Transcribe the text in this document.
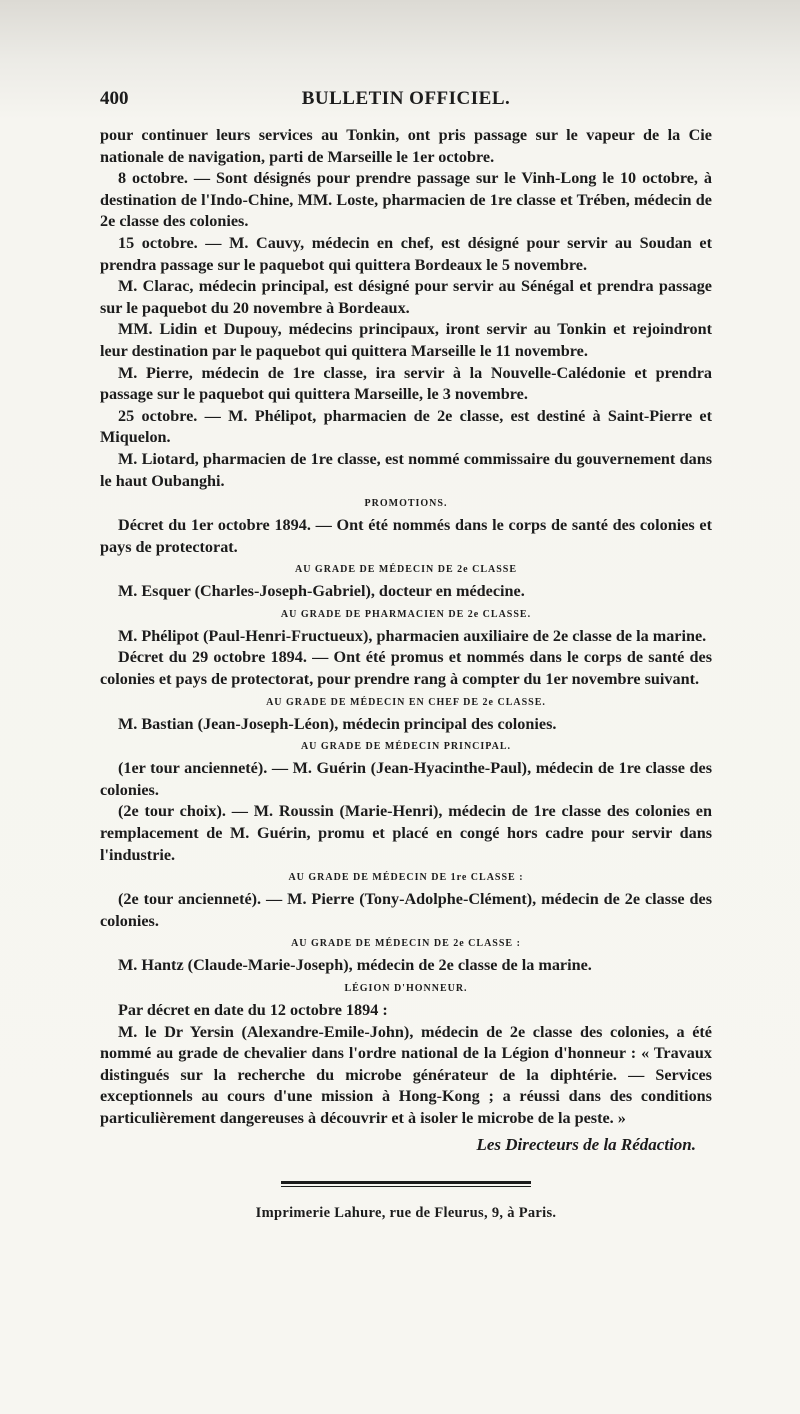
400	BULLETIN OFFICIEL.

pour continuer leurs services au Tonkin, ont pris passage sur le vapeur de la Cie nationale de navigation, parti de Marseille le 1er octobre.

8 octobre. — Sont désignés pour prendre passage sur le Vinh-Long le 10 octobre, à destination de l'Indo-Chine, MM. Loste, pharmacien de 1re classe et Trében, médecin de 2e classe des colonies.

15 octobre. — M. Cauvy, médecin en chef, est désigné pour servir au Soudan et prendra passage sur le paquebot qui quittera Bordeaux le 5 novembre.

M. Clarac, médecin principal, est désigné pour servir au Sénégal et prendra passage sur le paquebot du 20 novembre à Bordeaux.

MM. Lidin et Dupouy, médecins principaux, iront servir au Tonkin et rejoindront leur destination par le paquebot qui quittera Marseille le 11 novembre.

M. Pierre, médecin de 1re classe, ira servir à la Nouvelle-Calédonie et prendra passage sur le paquebot qui quittera Marseille, le 3 novembre.

25 octobre. — M. Phélipot, pharmacien de 2e classe, est destiné à Saint-Pierre et Miquelon.

M. Liotard, pharmacien de 1re classe, est nommé commissaire du gouvernement dans le haut Oubanghi.

PROMOTIONS.

Décret du 1er octobre 1894. — Ont été nommés dans le corps de santé des colonies et pays de protectorat.

AU GRADE DE MÉDECIN DE 2e CLASSE

M. Esquer (Charles-Joseph-Gabriel), docteur en médecine.

AU GRADE DE PHARMACIEN DE 2e CLASSE.

M. Phélipot (Paul-Henri-Fructueux), pharmacien auxiliaire de 2e classe de la marine.

Décret du 29 octobre 1894. — Ont été promus et nommés dans le corps de santé des colonies et pays de protectorat, pour prendre rang à compter du 1er novembre suivant.

AU GRADE DE MÉDECIN EN CHEF DE 2e CLASSE.

M. Bastian (Jean-Joseph-Léon), médecin principal des colonies.

AU GRADE DE MÉDECIN PRINCIPAL.

(1er tour ancienneté). — M. Guérin (Jean-Hyacinthe-Paul), médecin de 1re classe des colonies.

(2e tour choix). — M. Roussin (Marie-Henri), médecin de 1re classe des colonies en remplacement de M. Guérin, promu et placé en congé hors cadre pour servir dans l'industrie.

AU GRADE DE MÉDECIN DE 1re CLASSE :

(2e tour ancienneté). — M. Pierre (Tony-Adolphe-Clément), médecin de 2e classe des colonies.

AU GRADE DE MÉDECIN DE 2e CLASSE :

M. Hantz (Claude-Marie-Joseph), médecin de 2e classe de la marine.

LÉGION D'HONNEUR.

Par décret en date du 12 octobre 1894 :

M. le Dr Yersin (Alexandre-Emile-John), médecin de 2e classe des colonies, a été nommé au grade de chevalier dans l'ordre national de la Légion d'honneur : « Travaux distingués sur la recherche du microbe générateur de la diphtérie. — Services exceptionnels au cours d'une mission à Hong-Kong ; a réussi dans des conditions particulièrement dangereuses à découvrir et à isoler le microbe de la peste. »

Les Directeurs de la Rédaction.
Imprimerie Lahure, rue de Fleurus, 9, à Paris.
